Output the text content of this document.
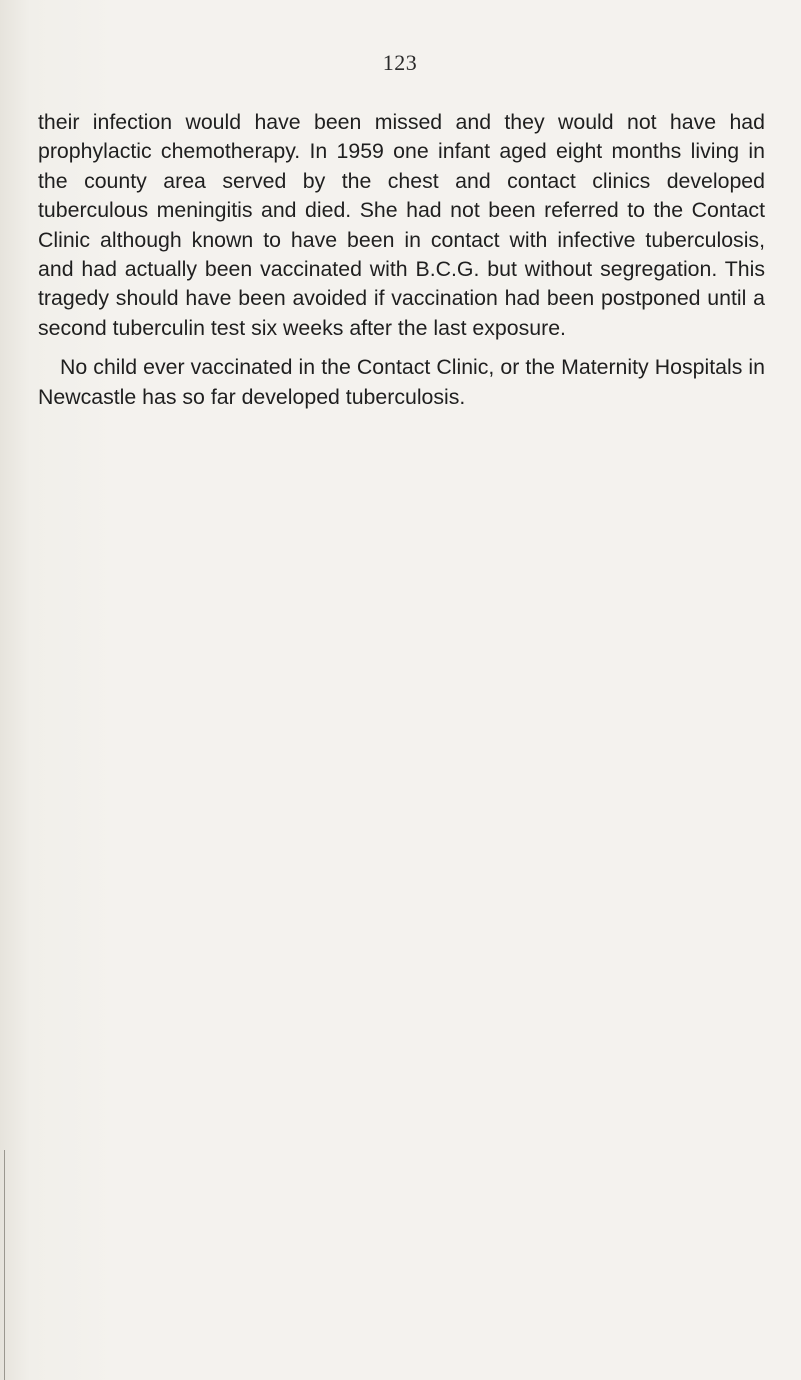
123

their infection would have been missed and they would not have had prophylactic chemotherapy. In 1959 one infant aged eight months living in the county area served by the chest and contact clinics developed tuberculous meningitis and died. She had not been referred to the Contact Clinic although known to have been in contact with infective tuberculosis, and had actually been vaccinated with B.C.G. but without segregation. This tragedy should have been avoided if vaccination had been postponed until a second tuberculin test six weeks after the last exposure.

No child ever vaccinated in the Contact Clinic, or the Maternity Hospitals in Newcastle has so far developed tuberculosis.
